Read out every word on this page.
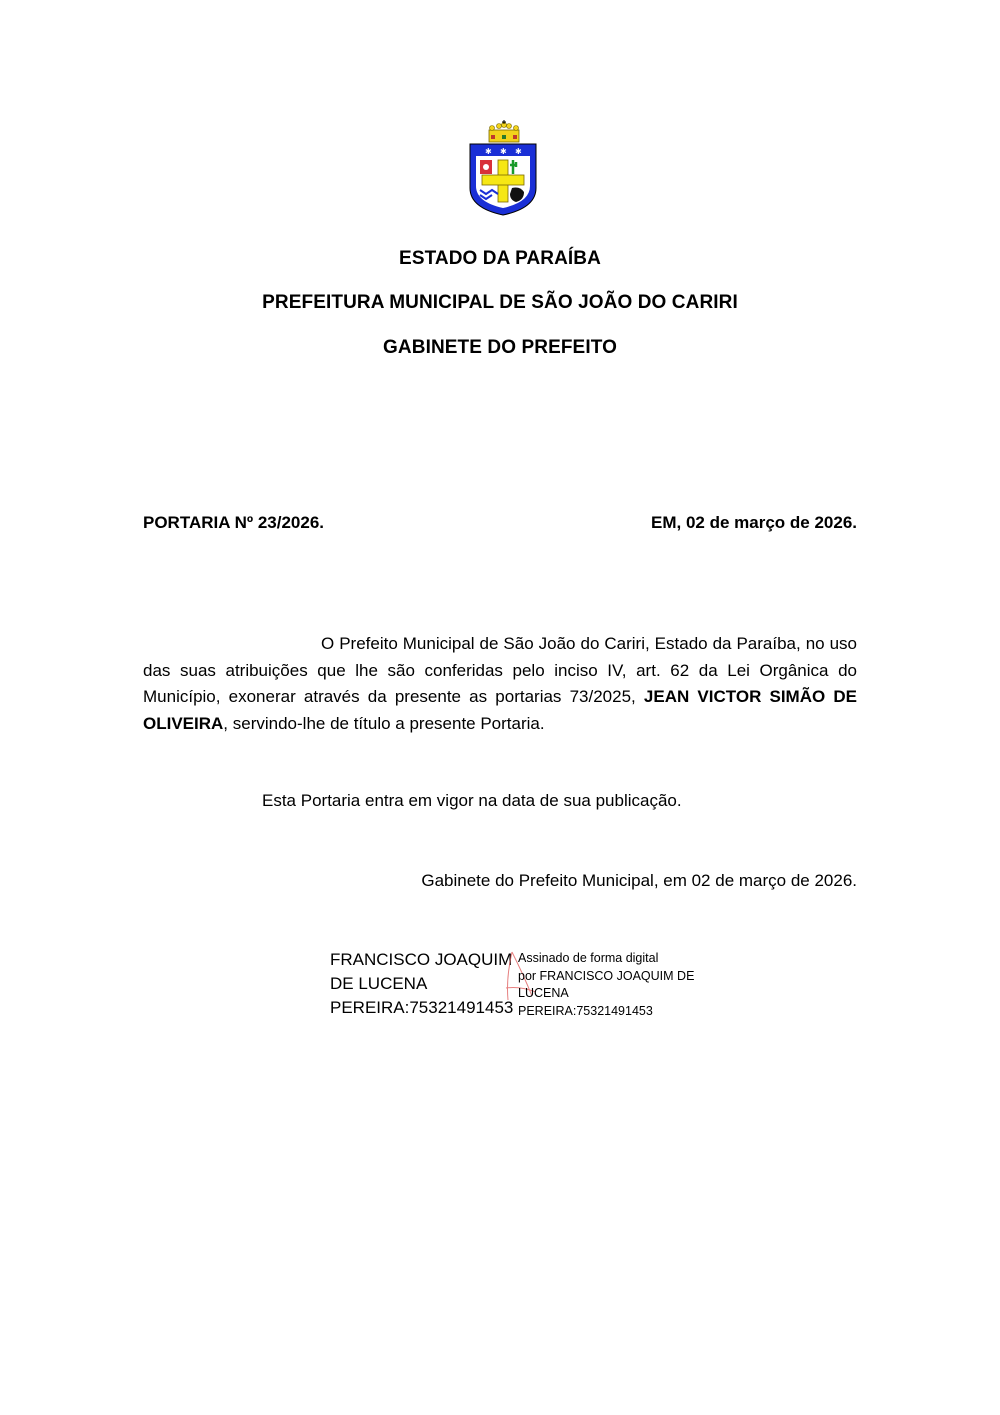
✱ ✱ ✱
ESTADO DA PARAÍBA
PREFEITURA MUNICIPAL DE SÃO JOÃO DO CARIRI
GABINETE DO PREFEITO
PORTARIA Nº 23/2026.	EM, 02 de março de 2026.
O Prefeito Municipal de São João do Cariri, Estado da Paraíba, no uso das suas atribuições que lhe são conferidas pelo inciso IV, art. 62 da Lei Orgânica do Município, exonerar através da presente as portarias 73/2025, JEAN VICTOR SIMÃO DE OLIVEIRA, servindo-lhe de título a presente Portaria.
Esta Portaria entra em vigor na data de sua publicação.
Gabinete do Prefeito Municipal, em 02 de março de 2026.
FRANCISCO JOAQUIM
DE LUCENA
PEREIRA:75321491453
Assinado de forma digital
por FRANCISCO JOAQUIM DE
LUCENA
PEREIRA:75321491453
